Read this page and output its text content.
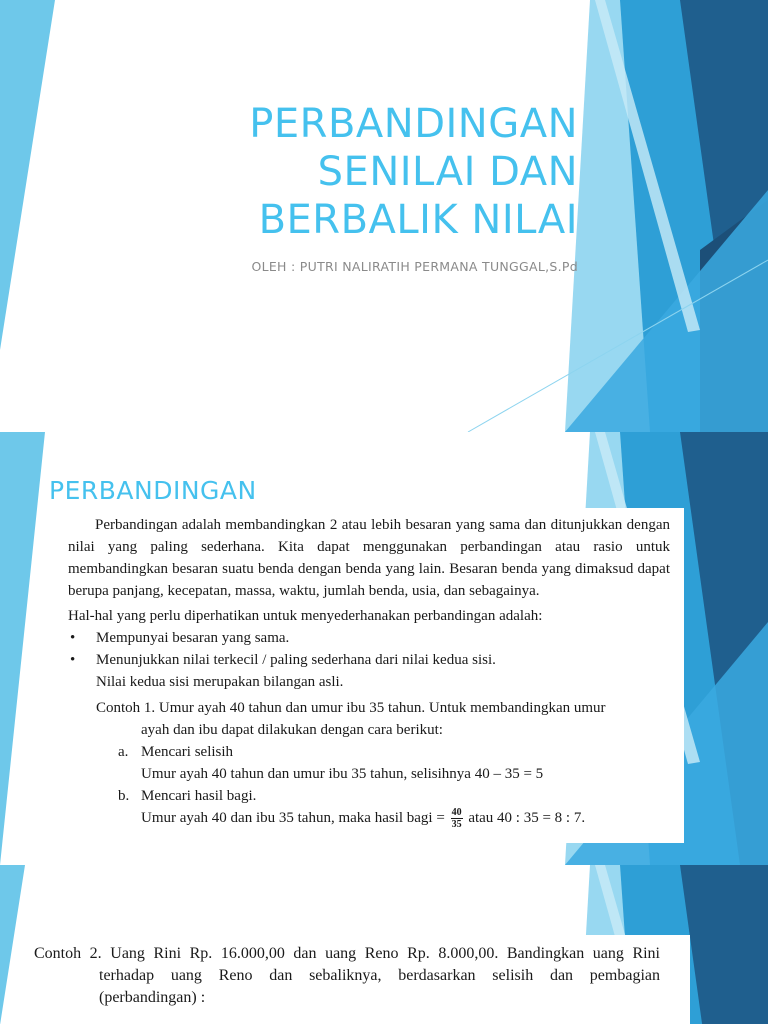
PERBANDINGAN
SENILAI DAN
BERBALIK NILAI
OLEH : PUTRI NALIRATIH PERMANA TUNGGAL,S.Pd
PERBANDINGAN

Perbandingan adalah membandingkan 2 atau lebih besaran yang sama dan ditunjukkan dengan nilai yang paling sederhana. Kita dapat menggunakan perbandingan atau rasio untuk membandingkan besaran suatu benda dengan benda yang lain. Besaran benda yang dimaksud dapat berupa panjang, kecepatan, massa, waktu, jumlah benda, usia, dan sebagainya.

Hal-hal yang perlu diperhatikan untuk menyederhanakan perbandingan adalah:

• Mempunyai besaran yang sama.
• Menunjukkan nilai terkecil / paling sederhana dari nilai kedua sisi.
Nilai kedua sisi merupakan bilangan asli.
Contoh 1. Umur ayah 40 tahun dan umur ibu 35 tahun. Untuk membandingkan umur
ayah dan ibu dapat dilakukan dengan cara berikut:
a. Mencari selisih
Umur ayah 40 tahun dan umur ibu 35 tahun, selisihnya 40 – 35 = 5
b. Mencari hasil bagi.
Umur ayah 40 dan ibu 35 tahun, maka hasil bagi = $\frac{40}{35}$ atau 40 : 35 = 8 : 7.
Contoh 2. Uang Rini Rp. 16.000,00 dan uang Reno Rp. 8.000,00. Bandingkan uang Rini
terhadap uang Reno dan sebaliknya, berdasarkan selisih dan pembagian
(perbandingan) :
